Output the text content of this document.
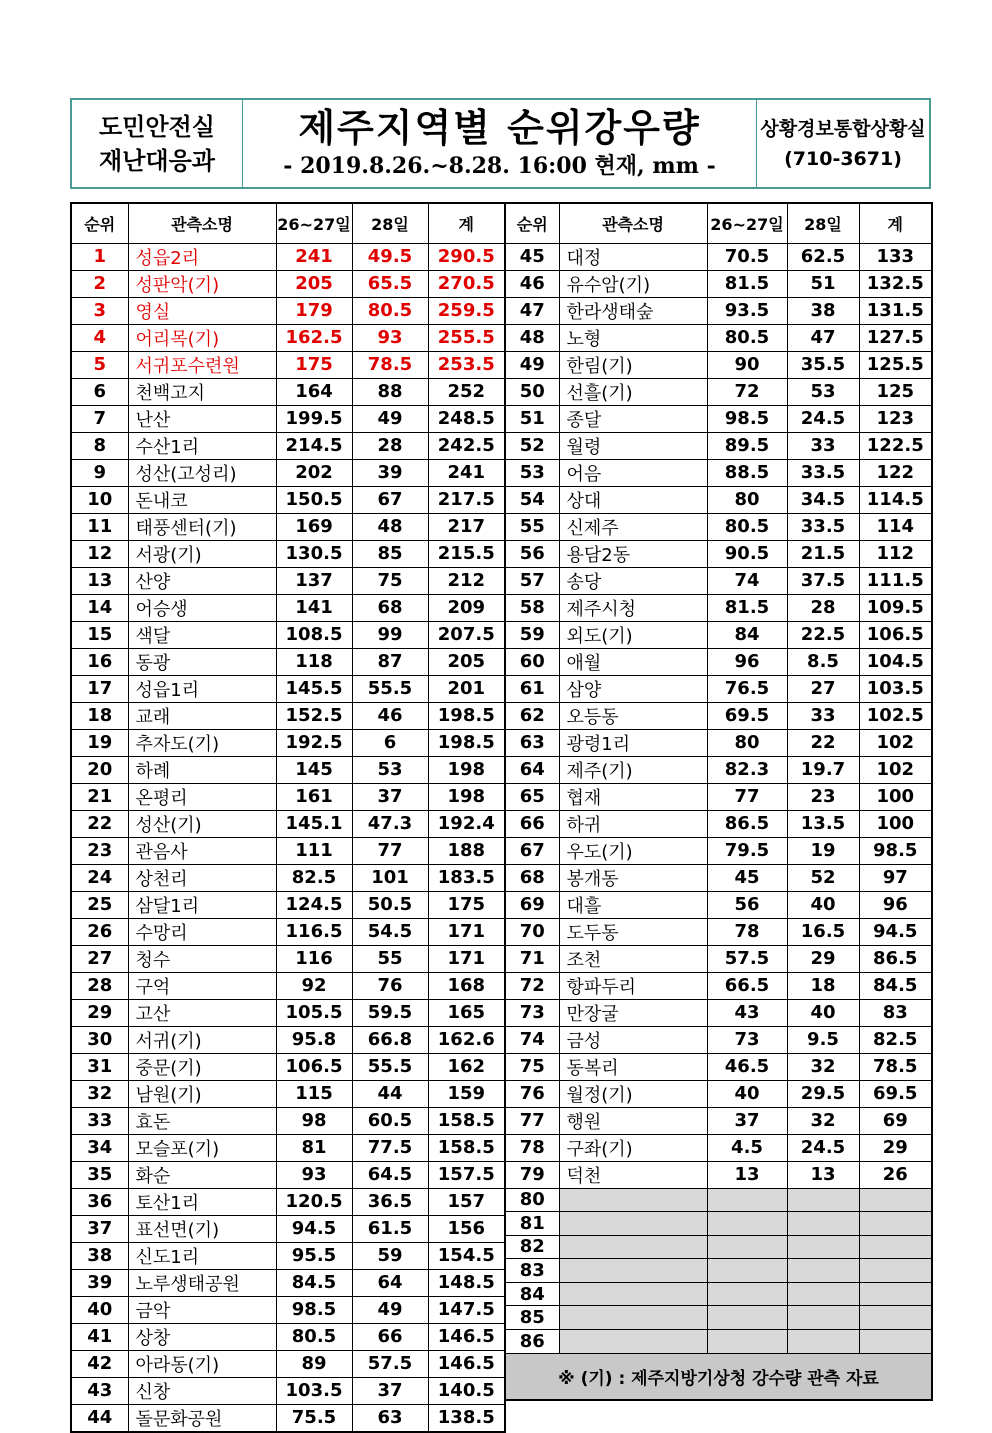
도민안전실
재난대응과
제주지역별 순위강우량
- 2019.8.26.~8.28. 16:00 현재, mm -
상황경보통합상황실
(710-3671)
순위	관측소명	26~27일	28일	계
1	성읍2리	241	49.5	290.5
2	성판악(기)	205	65.5	270.5
3	영실	179	80.5	259.5
4	어리목(기)	162.5	93	255.5
5	서귀포수련원	175	78.5	253.5
6	천백고지	164	88	252
7	난산	199.5	49	248.5
8	수산1리	214.5	28	242.5
9	성산(고성리)	202	39	241
10	돈내코	150.5	67	217.5
11	태풍센터(기)	169	48	217
12	서광(기)	130.5	85	215.5
13	산양	137	75	212
14	어승생	141	68	209
15	색달	108.5	99	207.5
16	동광	118	87	205
17	성읍1리	145.5	55.5	201
18	교래	152.5	46	198.5
19	추자도(기)	192.5	6	198.5
20	하례	145	53	198
21	온평리	161	37	198
22	성산(기)	145.1	47.3	192.4
23	관음사	111	77	188
24	상천리	82.5	101	183.5
25	삼달1리	124.5	50.5	175
26	수망리	116.5	54.5	171
27	청수	116	55	171
28	구억	92	76	168
29	고산	105.5	59.5	165
30	서귀(기)	95.8	66.8	162.6
31	중문(기)	106.5	55.5	162
32	남원(기)	115	44	159
33	효돈	98	60.5	158.5
34	모슬포(기)	81	77.5	158.5
35	화순	93	64.5	157.5
36	토산1리	120.5	36.5	157
37	표선면(기)	94.5	61.5	156
38	신도1리	95.5	59	154.5
39	노루생태공원	84.5	64	148.5
40	금악	98.5	49	147.5
41	상창	80.5	66	146.5
42	아라동(기)	89	57.5	146.5
43	신창	103.5	37	140.5
44	돌문화공원	75.5	63	138.5
순위	관측소명	26~27일	28일	계
45	대정	70.5	62.5	133
46	유수암(기)	81.5	51	132.5
47	한라생태숲	93.5	38	131.5
48	노형	80.5	47	127.5
49	한림(기)	90	35.5	125.5
50	선흘(기)	72	53	125
51	종달	98.5	24.5	123
52	월령	89.5	33	122.5
53	어음	88.5	33.5	122
54	상대	80	34.5	114.5
55	신제주	80.5	33.5	114
56	용담2동	90.5	21.5	112
57	송당	74	37.5	111.5
58	제주시청	81.5	28	109.5
59	외도(기)	84	22.5	106.5
60	애월	96	8.5	104.5
61	삼양	76.5	27	103.5
62	오등동	69.5	33	102.5
63	광령1리	80	22	102
64	제주(기)	82.3	19.7	102
65	협재	77	23	100
66	하귀	86.5	13.5	100
67	우도(기)	79.5	19	98.5
68	봉개동	45	52	97
69	대흘	56	40	96
70	도두동	78	16.5	94.5
71	조천	57.5	29	86.5
72	항파두리	66.5	18	84.5
73	만장굴	43	40	83
74	금성	73	9.5	82.5
75	동복리	46.5	32	78.5
76	월정(기)	40	29.5	69.5
77	행원	37	32	69
78	구좌(기)	4.5	24.5	29
79	덕천	13	13	26
80				
81				
82				
83				
84				
85				
86				
※ (기) : 제주지방기상청 강수량 관측 자료				
